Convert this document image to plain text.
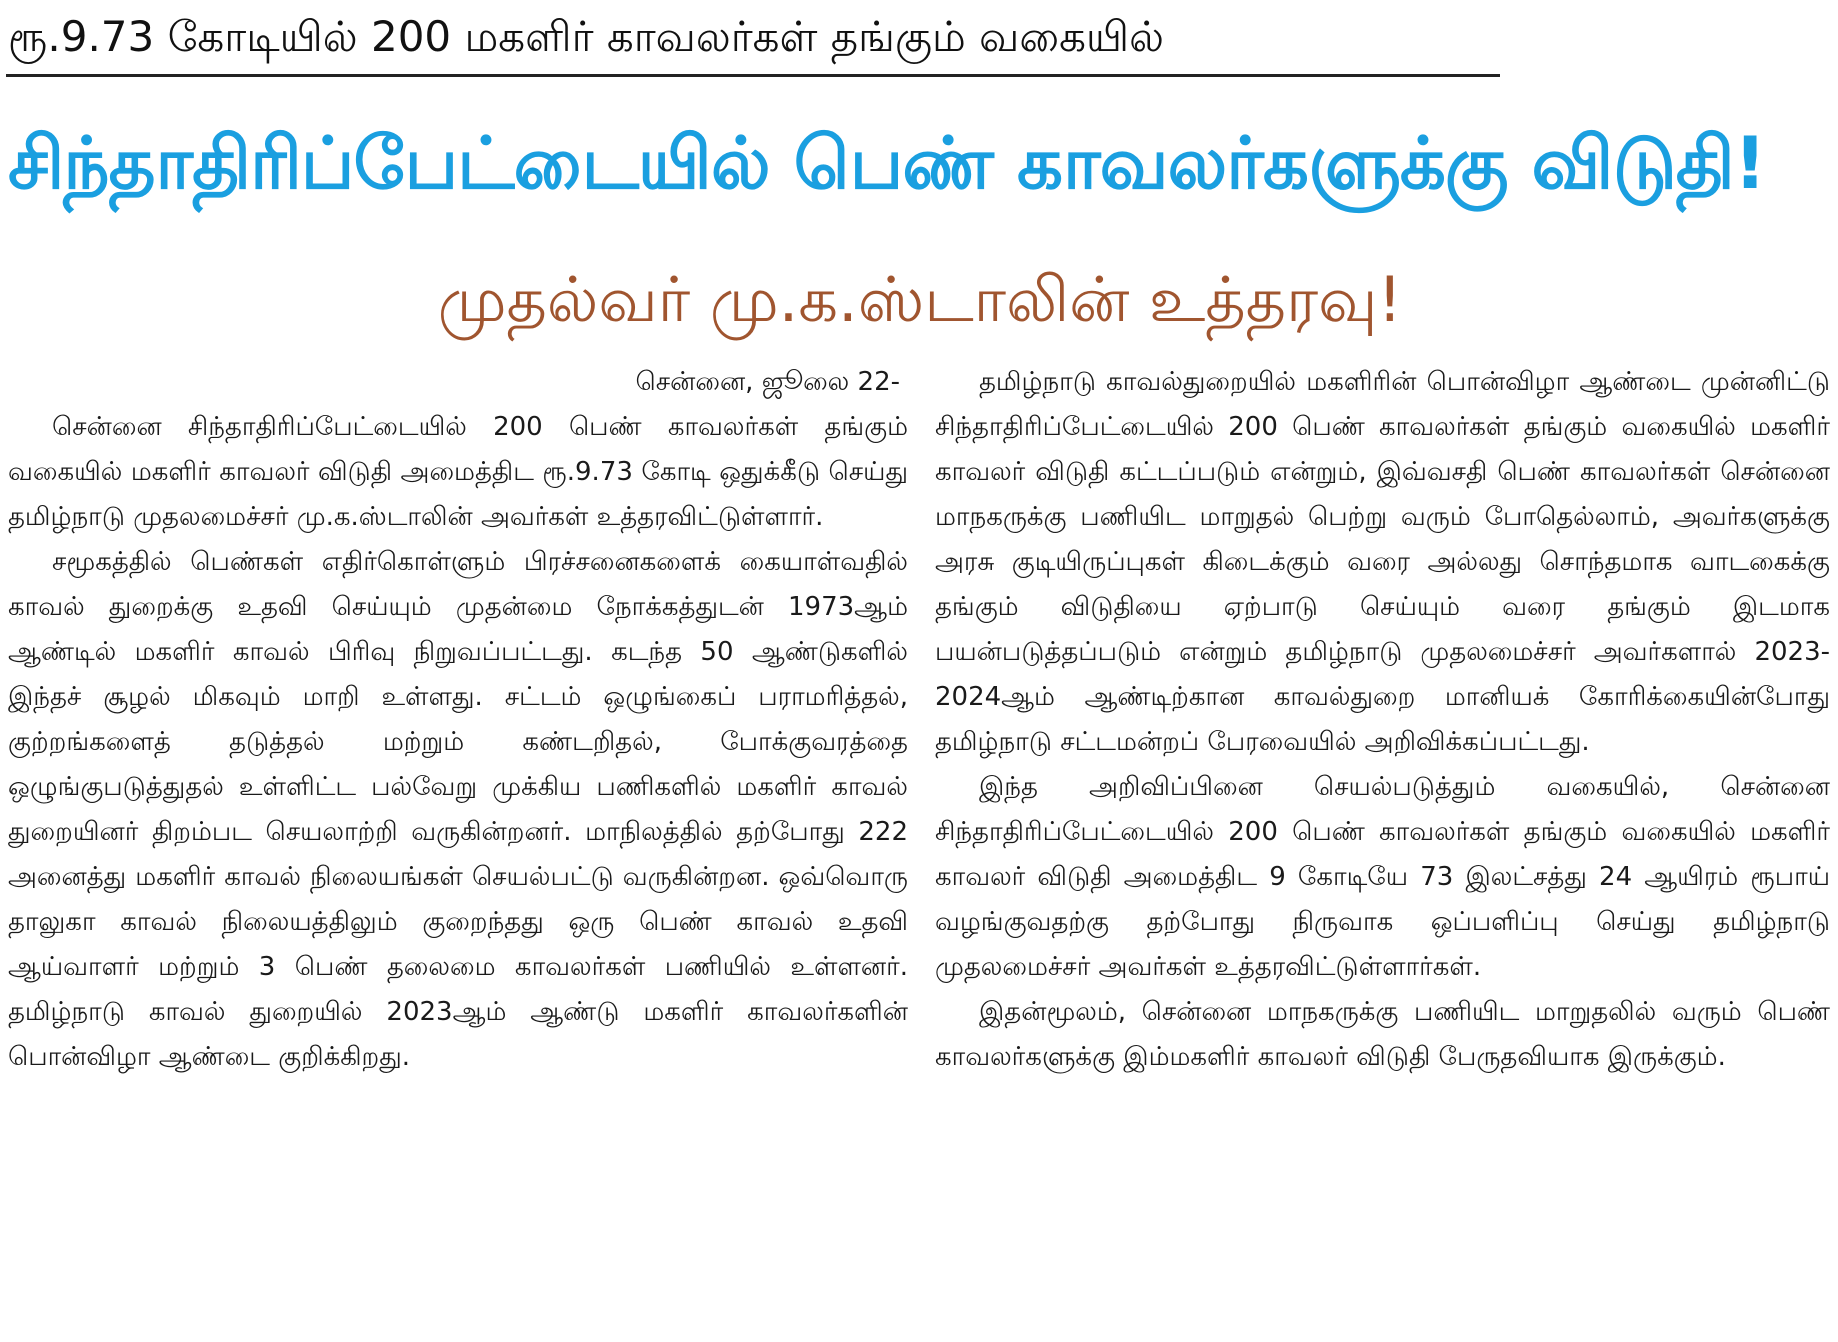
ரூ.9.73 கோடியில் 200 மகளிர் காவலர்கள் தங்கும் வகையில்
சிந்தாதிரிப்பேட்டையில் பெண் காவலர்களுக்கு விடுதி!
முதல்வர் மு.க.ஸ்டாலின் உத்தரவு!

சென்னை, ஜூலை 22-

சென்னை சிந்தாதிரிப்பேட்டையில் 200 பெண் காவலர்கள் தங்கும் வகையில் மகளிர் காவலர் விடுதி அமைத்திட ரூ.9.73 கோடி ஒதுக்கீடு செய்து தமிழ்நாடு முதலமைச்சர் மு.க.ஸ்டாலின் அவர்கள் உத்தரவிட்டுள்ளார்.

சமூகத்தில் பெண்கள் எதிர்கொள்ளும் பிரச்சனைகளைக் கையாள்வதில் காவல் துறைக்கு உதவி செய்யும் முதன்மை நோக்கத்துடன் 1973ஆம் ஆண்டில் மகளிர் காவல் பிரிவு நிறுவப்பட்டது. கடந்த 50 ஆண்டுகளில் இந்தச் சூழல் மிகவும் மாறி உள்ளது. சட்டம் ஒழுங்கைப் பராமரித்தல், குற்றங்களைத் தடுத்தல் மற்றும் கண்டறிதல், போக்குவரத்தை ஒழுங்குபடுத்துதல் உள்ளிட்ட பல்வேறு முக்கிய பணிகளில் மகளிர் காவல் துறையினர் திறம்பட செயலாற்றி வருகின்றனர். மாநிலத்தில் தற்போது 222 அனைத்து மகளிர் காவல் நிலையங்கள் செயல்பட்டு வருகின்றன. ஒவ்வொரு தாலுகா காவல் நிலையத்திலும் குறைந்தது ஒரு பெண் காவல் உதவி ஆய்வாளர் மற்றும் 3 பெண் தலைமை காவலர்கள் பணியில் உள்ளனர். தமிழ்நாடு காவல் துறையில் 2023ஆம் ஆண்டு மகளிர் காவலர்களின் பொன்விழா ஆண்டை குறிக்கிறது.

தமிழ்நாடு காவல்துறையில் மகளிரின் பொன்விழா ஆண்டை முன்னிட்டு சிந்தாதிரிப்பேட்டையில் 200 பெண் காவலர்கள் தங்கும் வகையில் மகளிர் காவலர் விடுதி கட்டப்படும் என்றும், இவ்வசதி பெண் காவலர்கள் சென்னை மாநகருக்கு பணியிட மாறுதல் பெற்று வரும் போதெல்லாம், அவர்களுக்கு அரசு குடியிருப்புகள் கிடைக்கும் வரை அல்லது சொந்தமாக வாடகைக்கு தங்கும் விடுதியை ஏற்பாடு செய்யும் வரை தங்கும் இடமாக பயன்படுத்தப்படும் என்றும் தமிழ்நாடு முதலமைச்சர் அவர்களால் 2023-2024ஆம் ஆண்டிற்கான காவல்துறை மானியக் கோரிக்கையின்போது தமிழ்நாடு சட்டமன்றப் பேரவையில் அறிவிக்கப்பட்டது.

இந்த அறிவிப்பினை செயல்படுத்தும் வகையில், சென்னை சிந்தாதிரிப்பேட்டையில் 200 பெண் காவலர்கள் தங்கும் வகையில் மகளிர் காவலர் விடுதி அமைத்திட 9 கோடியே 73 இலட்சத்து 24 ஆயிரம் ரூபாய் வழங்குவதற்கு தற்போது நிருவாக ஒப்பளிப்பு செய்து தமிழ்நாடு முதலமைச்சர் அவர்கள் உத்தரவிட்டுள்ளார்கள்.

இதன்மூலம், சென்னை மாநகருக்கு பணியிட மாறுதலில் வரும் பெண் காவலர்களுக்கு இம்மகளிர் காவலர் விடுதி பேருதவியாக இருக்கும்.
